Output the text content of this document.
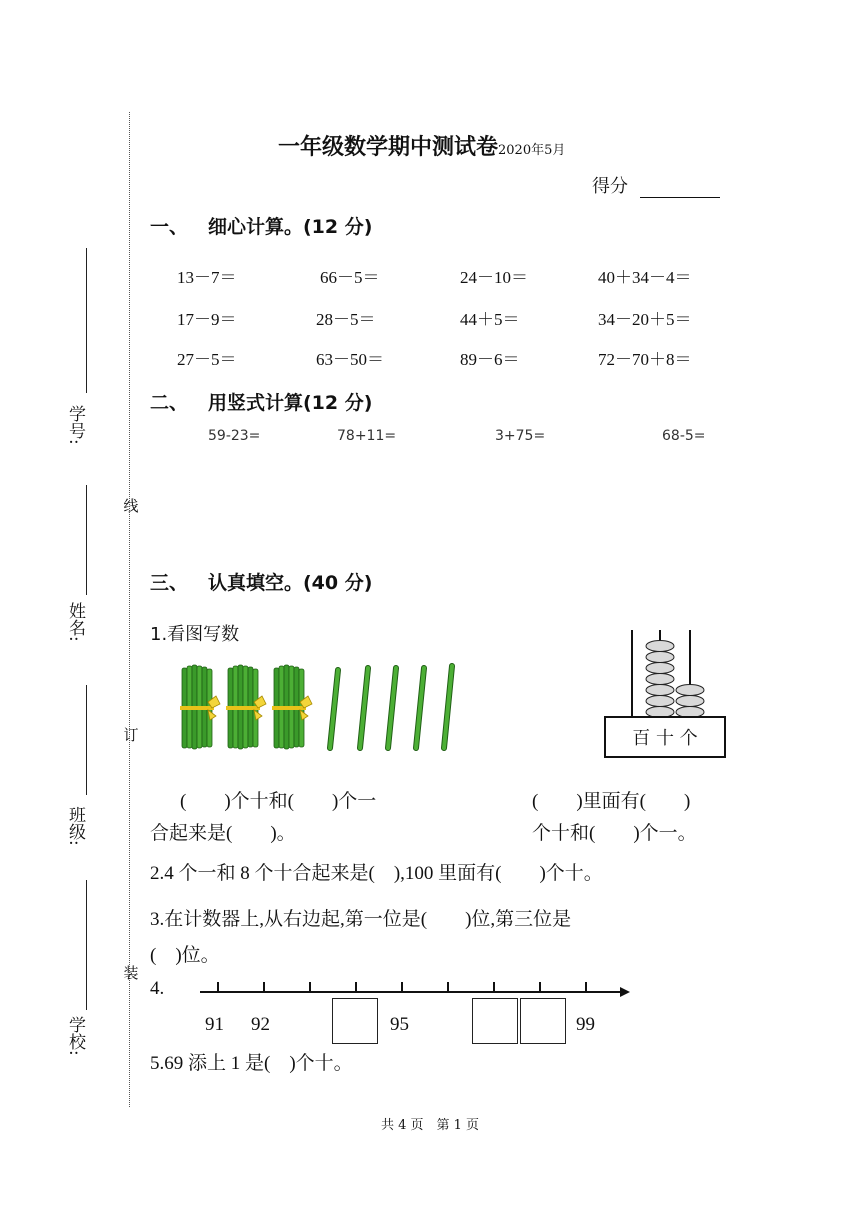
学号:
姓名:
班级:
学校:
线
订
装
一年级数学期中测试卷2020年5月
得分
一、 细心计算。(12 分)
13－7＝	66－5＝	24－10＝	40＋34－4＝
17－9＝	28－5＝	44＋5＝	34－20＋5＝
27－5＝	63－50＝	89－6＝	72－70＋8＝
二、 用竖式计算(12 分)
59-23=	78+11=	3+75=	68-5=
三、 认真填空。(40 分)
1.看图写数
百 十 个
(　　)个十和(　　)个一
合起来是(　　)。
(　　)里面有(　　)
个十和(　　)个一。
2.4 个一和 8 个十合起来是(　),100 里面有(　　)个十。
3.在计数器上,从右边起,第一位是(　　)位,第三位是
(　)位。
4.
91 92	95	99
5.69 添上 1 是(　)个十。
共 4 页　第 1 页
